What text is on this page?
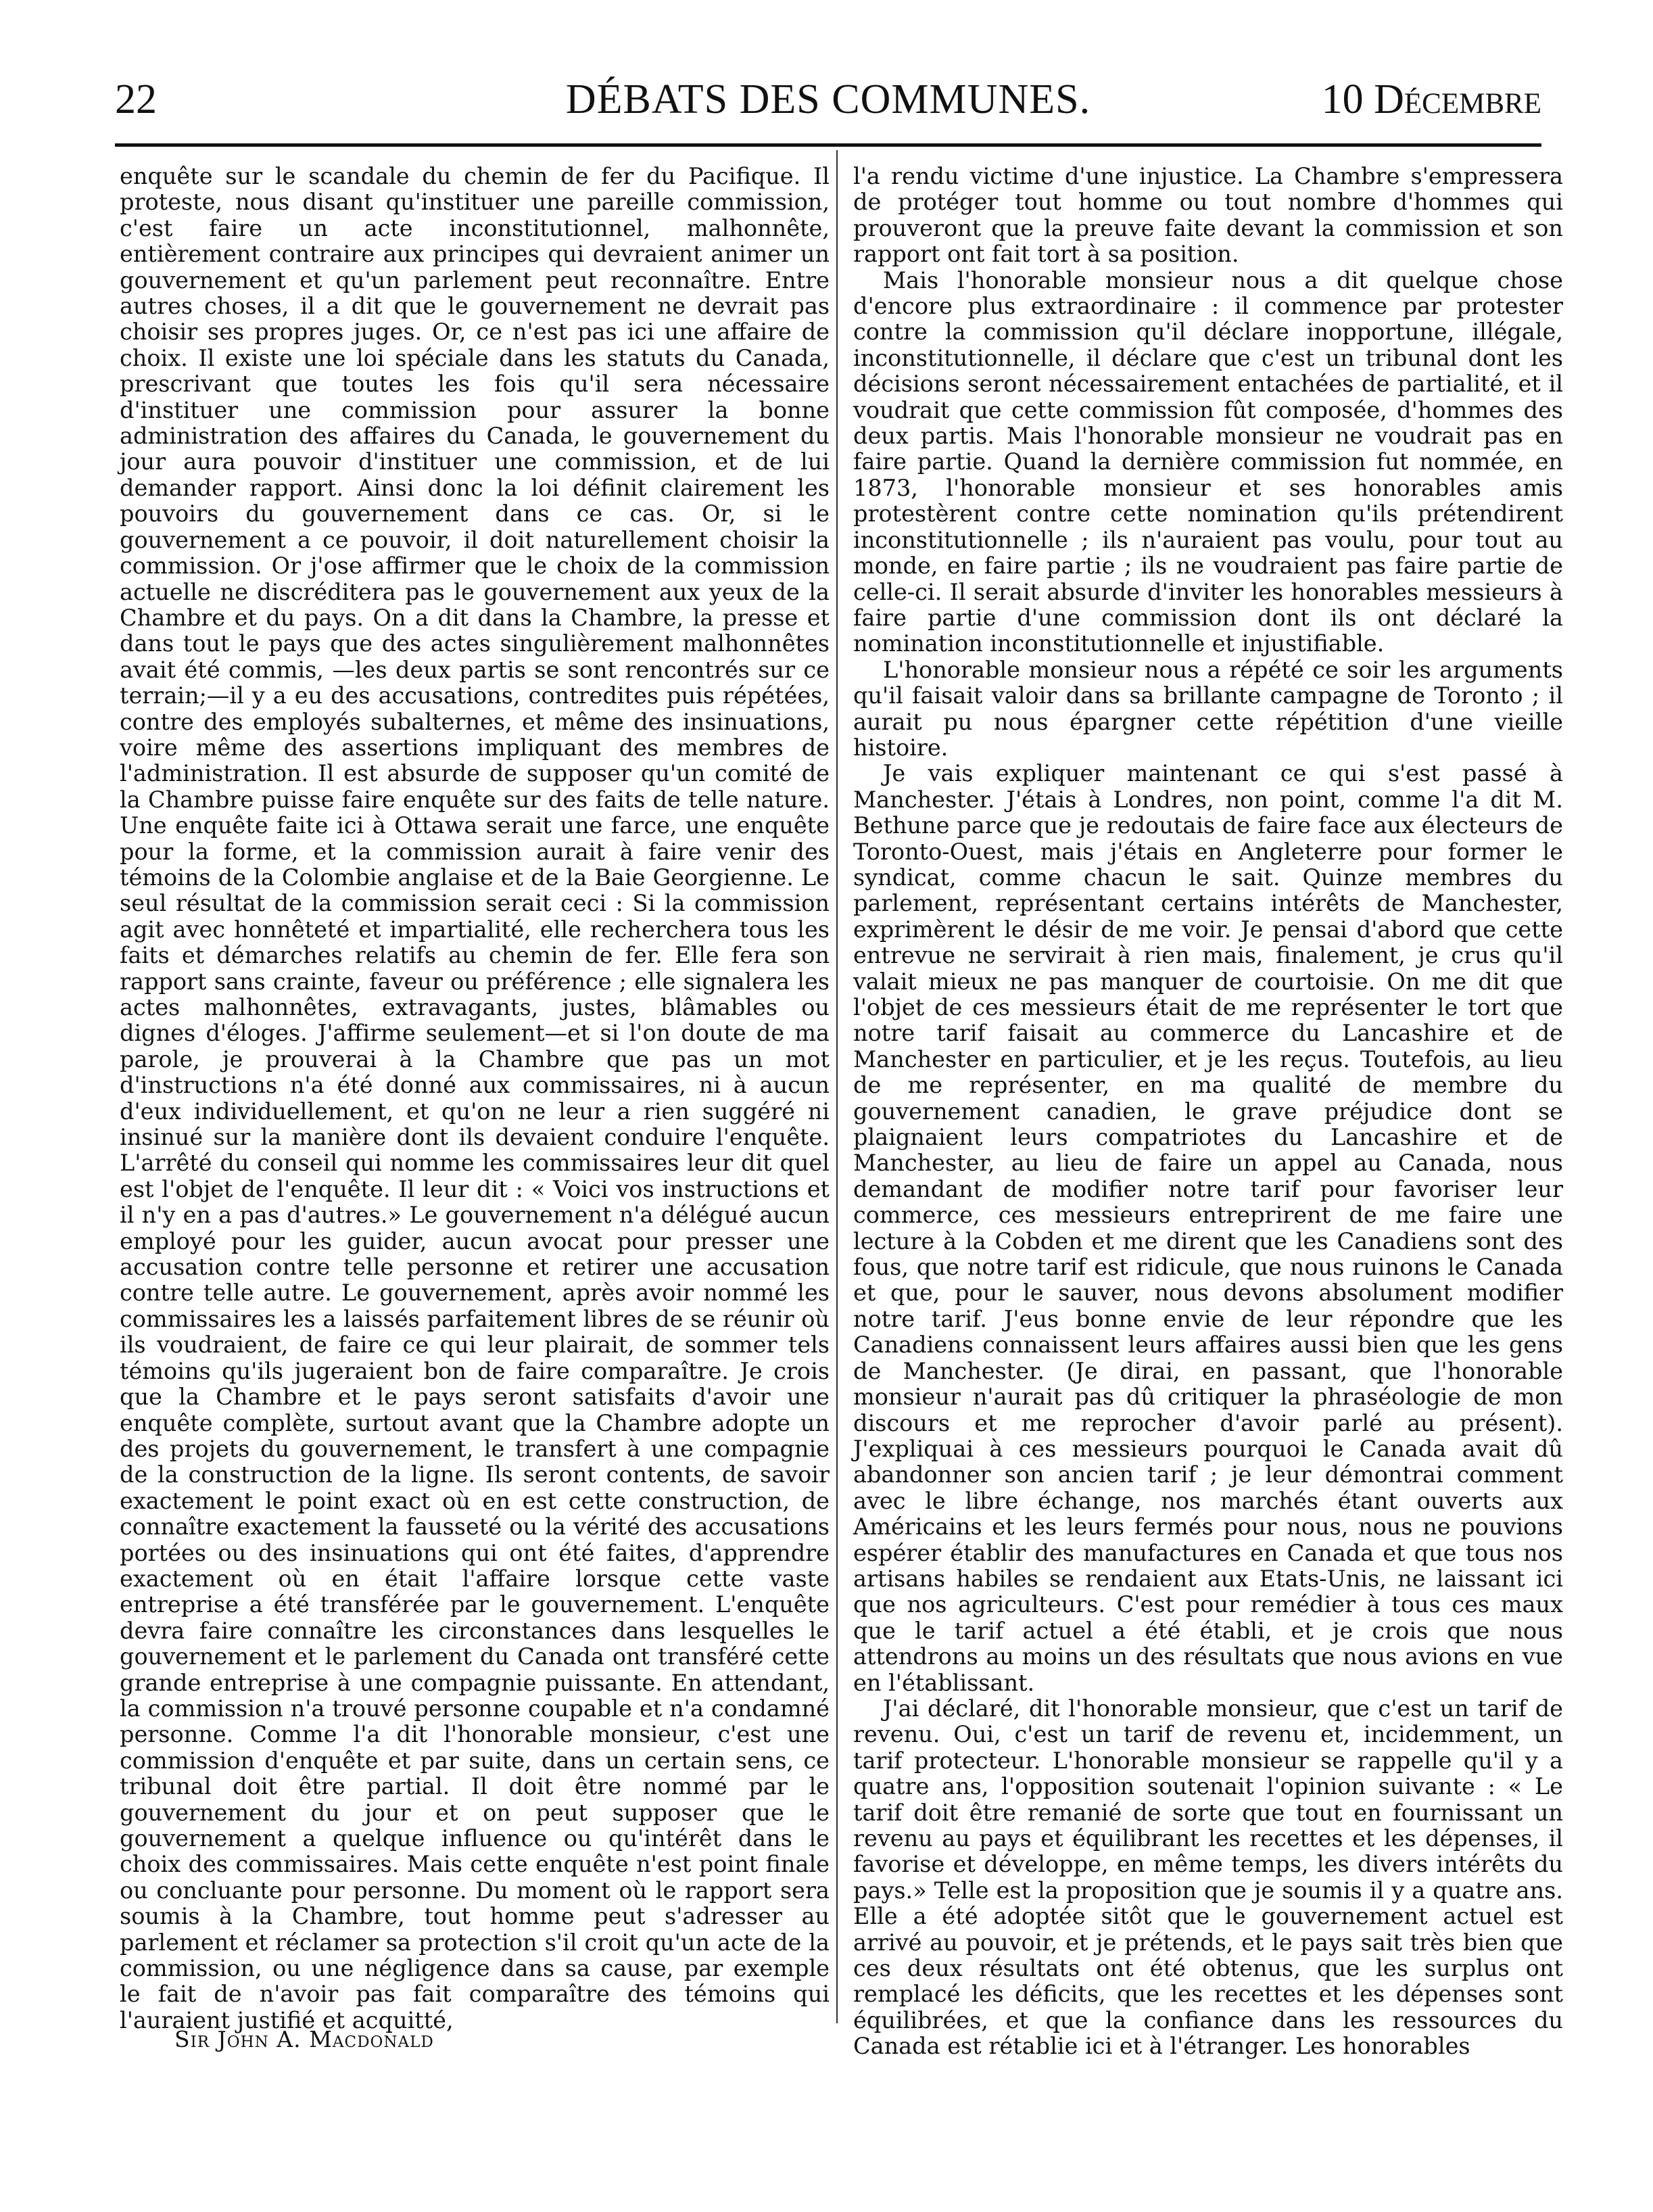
22	DÉBATS DES COMMUNES.	10 Décembre

enquête sur le scandale du chemin de fer du Pacifique. Il proteste, nous disant qu'instituer une pareille commission, c'est faire un acte inconstitutionnel, malhonnête, entièrement contraire aux principes qui devraient animer un gouvernement et qu'un parlement peut reconnaître. Entre autres choses, il a dit que le gouvernement ne devrait pas choisir ses propres juges. Or, ce n'est pas ici une affaire de choix. Il existe une loi spéciale dans les statuts du Canada, prescrivant que toutes les fois qu'il sera nécessaire d'instituer une commission pour assurer la bonne administration des affaires du Canada, le gouvernement du jour aura pouvoir d'instituer une commission, et de lui demander rapport. Ainsi donc la loi définit clairement les pouvoirs du gouvernement dans ce cas. Or, si le gouvernement a ce pouvoir, il doit naturellement choisir la commission. Or j'ose affirmer que le choix de la commission actuelle ne discréditera pas le gouvernement aux yeux de la Chambre et du pays. On a dit dans la Chambre, la presse et dans tout le pays que des actes singulièrement malhonnêtes avait été commis, —les deux partis se sont rencontrés sur ce terrain;—il y a eu des accusations, contredites puis répétées, contre des employés subalternes, et même des insinuations, voire même des assertions impliquant des membres de l'administration. Il est absurde de supposer qu'un comité de la Chambre puisse faire enquête sur des faits de telle nature. Une enquête faite ici à Ottawa serait une farce, une enquête pour la forme, et la commission aurait à faire venir des témoins de la Colombie anglaise et de la Baie Georgienne. Le seul résultat de la commission serait ceci : Si la commission agit avec honnêteté et impartialité, elle recherchera tous les faits et démarches relatifs au chemin de fer. Elle fera son rapport sans crainte, faveur ou préférence ; elle signalera les actes malhonnêtes, extravagants, justes, blâmables ou dignes d'éloges. J'affirme seulement—et si l'on doute de ma parole, je prouverai à la Chambre que pas un mot d'instructions n'a été donné aux commissaires, ni à aucun d'eux individuellement, et qu'on ne leur a rien suggéré ni insinué sur la manière dont ils devaient conduire l'enquête. L'arrêté du conseil qui nomme les commissaires leur dit quel est l'objet de l'enquête. Il leur dit : « Voici vos instructions et il n'y en a pas d'autres.» Le gouvernement n'a délégué aucun employé pour les guider, aucun avocat pour presser une accusation contre telle personne et retirer une accusation contre telle autre. Le gouvernement, après avoir nommé les commissaires les a laissés parfaitement libres de se réunir où ils voudraient, de faire ce qui leur plairait, de sommer tels témoins qu'ils jugeraient bon de faire comparaître. Je crois que la Chambre et le pays seront satisfaits d'avoir une enquête complète, surtout avant que la Chambre adopte un des projets du gouvernement, le transfert à une compagnie de la construction de la ligne. Ils seront contents, de savoir exactement le point exact où en est cette construction, de connaître exactement la fausseté ou la vérité des accusations portées ou des insinuations qui ont été faites, d'apprendre exactement où en était l'affaire lorsque cette vaste entreprise a été transférée par le gouvernement. L'enquête devra faire connaître les circonstances dans lesquelles le gouvernement et le parlement du Canada ont transféré cette grande entreprise à une compagnie puissante. En attendant, la commission n'a trouvé personne coupable et n'a condamné personne. Comme l'a dit l'honorable monsieur, c'est une commission d'enquête et par suite, dans un certain sens, ce tribunal doit être partial. Il doit être nommé par le gouvernement du jour et on peut supposer que le gouvernement a quelque influence ou qu'intérêt dans le choix des commissaires. Mais cette enquête n'est point finale ou concluante pour personne. Du moment où le rapport sera soumis à la Chambre, tout homme peut s'adresser au parlement et réclamer sa protection s'il croit qu'un acte de la commission, ou une négligence dans sa cause, par exemple le fait de n'avoir pas fait comparaître des témoins qui l'auraient justifié et acquitté,

l'a rendu victime d'une injustice. La Chambre s'empressera de protéger tout homme ou tout nombre d'hommes qui prouveront que la preuve faite devant la commission et son rapport ont fait tort à sa position.

Mais l'honorable monsieur nous a dit quelque chose d'encore plus extraordinaire : il commence par protester contre la commission qu'il déclare inopportune, illégale, inconstitutionnelle, il déclare que c'est un tribunal dont les décisions seront nécessairement entachées de partialité, et il voudrait que cette commission fût composée, d'hommes des deux partis. Mais l'honorable monsieur ne voudrait pas en faire partie. Quand la dernière commission fut nommée, en 1873, l'honorable monsieur et ses honorables amis protestèrent contre cette nomination qu'ils prétendirent inconstitutionnelle ; ils n'auraient pas voulu, pour tout au monde, en faire partie ; ils ne voudraient pas faire partie de celle-ci. Il serait absurde d'inviter les honorables messieurs à faire partie d'une commission dont ils ont déclaré la nomination inconstitutionnelle et injustifiable.

L'honorable monsieur nous a répété ce soir les arguments qu'il faisait valoir dans sa brillante campagne de Toronto ; il aurait pu nous épargner cette répétition d'une vieille histoire.

Je vais expliquer maintenant ce qui s'est passé à Manchester. J'étais à Londres, non point, comme l'a dit M. Bethune parce que je redoutais de faire face aux électeurs de Toronto-Ouest, mais j'étais en Angleterre pour former le syndicat, comme chacun le sait. Quinze membres du parlement, représentant certains intérêts de Manchester, exprimèrent le désir de me voir. Je pensai d'abord que cette entrevue ne servirait à rien mais, finalement, je crus qu'il valait mieux ne pas manquer de courtoisie. On me dit que l'objet de ces messieurs était de me représenter le tort que notre tarif faisait au commerce du Lancashire et de Manchester en particulier, et je les reçus. Toutefois, au lieu de me représenter, en ma qualité de membre du gouvernement canadien, le grave préjudice dont se plaignaient leurs compatriotes du Lancashire et de Manchester, au lieu de faire un appel au Canada, nous demandant de modifier notre tarif pour favoriser leur commerce, ces messieurs entreprirent de me faire une lecture à la Cobden et me dirent que les Canadiens sont des fous, que notre tarif est ridicule, que nous ruinons le Canada et que, pour le sauver, nous devons absolument modifier notre tarif. J'eus bonne envie de leur répondre que les Canadiens connaissent leurs affaires aussi bien que les gens de Manchester. (Je dirai, en passant, que l'honorable monsieur n'aurait pas dû critiquer la phraséologie de mon discours et me reprocher d'avoir parlé au présent). J'expliquai à ces messieurs pourquoi le Canada avait dû abandonner son ancien tarif ; je leur démontrai comment avec le libre échange, nos marchés étant ouverts aux Américains et les leurs fermés pour nous, nous ne pouvions espérer établir des manufactures en Canada et que tous nos artisans habiles se rendaient aux Etats-Unis, ne laissant ici que nos agriculteurs. C'est pour remédier à tous ces maux que le tarif actuel a été établi, et je crois que nous attendrons au moins un des résultats que nous avions en vue en l'établissant.

J'ai déclaré, dit l'honorable monsieur, que c'est un tarif de revenu. Oui, c'est un tarif de revenu et, incidemment, un tarif protecteur. L'honorable monsieur se rappelle qu'il y a quatre ans, l'opposition soutenait l'opinion suivante : « Le tarif doit être remanié de sorte que tout en fournissant un revenu au pays et équilibrant les recettes et les dépenses, il favorise et développe, en même temps, les divers intérêts du pays.» Telle est la proposition que je soumis il y a quatre ans. Elle a été adoptée sitôt que le gouvernement actuel est arrivé au pouvoir, et je prétends, et le pays sait très bien que ces deux résultats ont été obtenus, que les surplus ont remplacé les déficits, que les recettes et les dépenses sont équilibrées, et que la confiance dans les ressources du Canada est rétablie ici et à l'étranger. Les honorables

Sir John A. Macdonald
